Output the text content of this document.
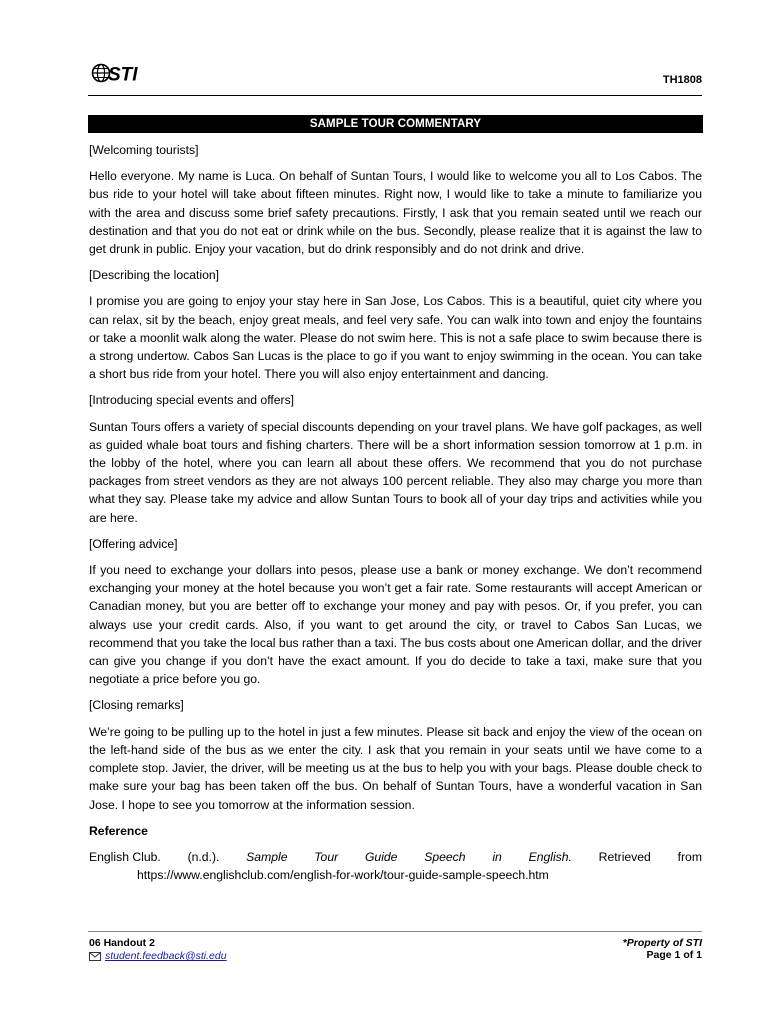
STI	TH1808
SAMPLE TOUR COMMENTARY

[Welcoming tourists]

Hello everyone. My name is Luca. On behalf of Suntan Tours, I would like to welcome you all to Los Cabos. The bus ride to your hotel will take about fifteen minutes. Right now, I would like to take a minute to familiarize you with the area and discuss some brief safety precautions. Firstly, I ask that you remain seated until we reach our destination and that you do not eat or drink while on the bus. Secondly, please realize that it is against the law to get drunk in public. Enjoy your vacation, but do drink responsibly and do not drink and drive.

[Describing the location]

I promise you are going to enjoy your stay here in San Jose, Los Cabos. This is a beautiful, quiet city where you can relax, sit by the beach, enjoy great meals, and feel very safe. You can walk into town and enjoy the fountains or take a moonlit walk along the water. Please do not swim here. This is not a safe place to swim because there is a strong undertow. Cabos San Lucas is the place to go if you want to enjoy swimming in the ocean. You can take a short bus ride from your hotel. There you will also enjoy entertainment and dancing.

[Introducing special events and offers]

Suntan Tours offers a variety of special discounts depending on your travel plans. We have golf packages, as well as guided whale boat tours and fishing charters. There will be a short information session tomorrow at 1 p.m. in the lobby of the hotel, where you can learn all about these offers. We recommend that you do not purchase packages from street vendors as they are not always 100 percent reliable. They also may charge you more than what they say. Please take my advice and allow Suntan Tours to book all of your day trips and activities while you are here.

[Offering advice]

If you need to exchange your dollars into pesos, please use a bank or money exchange. We don’t recommend exchanging your money at the hotel because you won’t get a fair rate. Some restaurants will accept American or Canadian money, but you are better off to exchange your money and pay with pesos. Or, if you prefer, you can always use your credit cards. Also, if you want to get around the city, or travel to Cabos San Lucas, we recommend that you take the local bus rather than a taxi. The bus costs about one American dollar, and the driver can give you change if you don’t have the exact amount. If you do decide to take a taxi, make sure that you negotiate a price before you go.

[Closing remarks]

We’re going to be pulling up to the hotel in just a few minutes. Please sit back and enjoy the view of the ocean on the left-hand side of the bus as we enter the city. I ask that you remain in your seats until we have come to a complete stop. Javier, the driver, will be meeting us at the bus to help you with your bags. Please double check to make sure your bag has been taken off the bus. On behalf of Suntan Tours, have a wonderful vacation in San Jose. I hope to see you tomorrow at the information session.

Reference

English Club. (n.d.). Sample Tour Guide Speech in English. Retrieved from
https://www.englishclub.com/english-for-work/tour-guide-sample-speech.htm
06 Handout 2
student.feedback@sti.edu
*Property of STI
Page 1 of 1
